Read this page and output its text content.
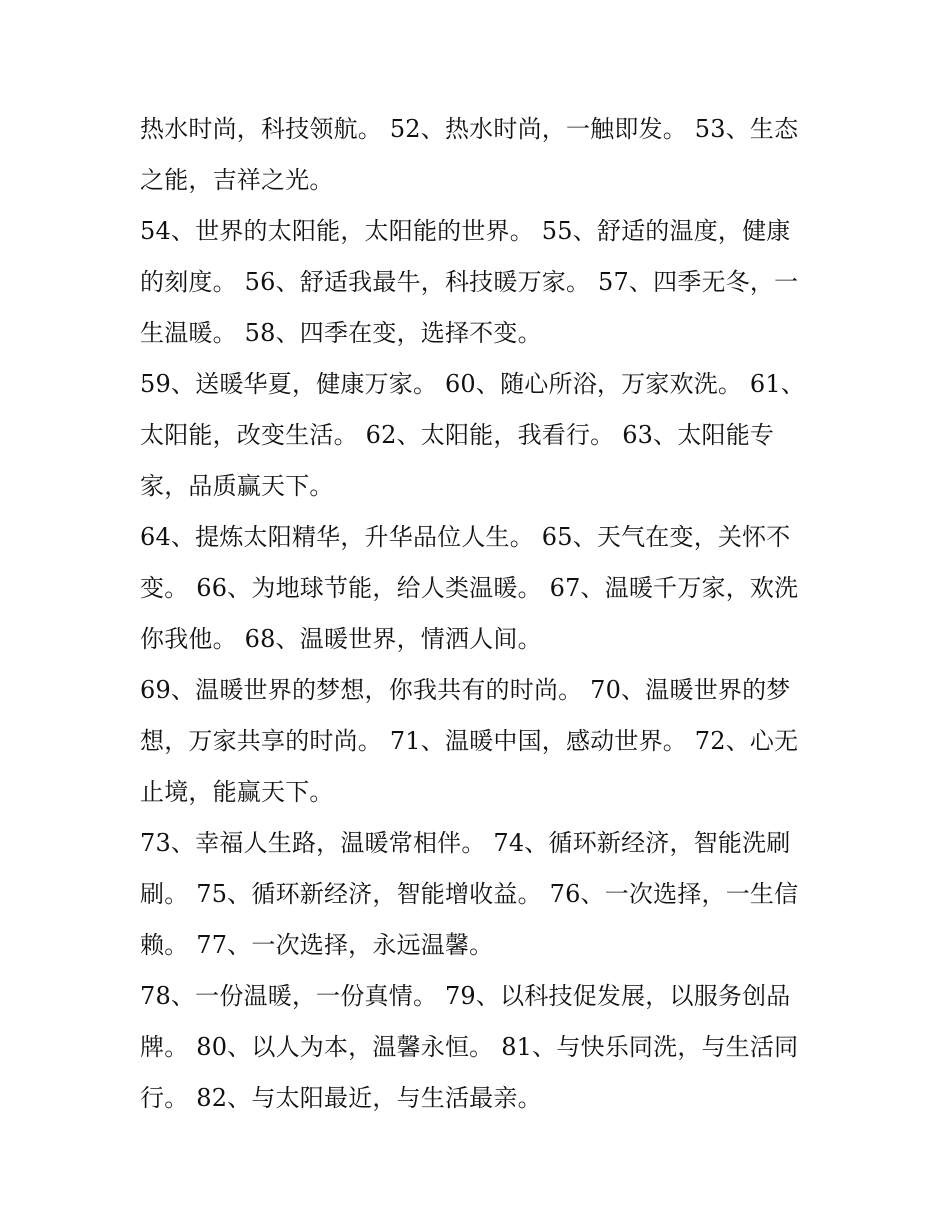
热水时尚，科技领航。 52、热水时尚，一触即发。 53、生态
之能，吉祥之光。

54、世界的太阳能，太阳能的世界。 55、舒适的温度，健康
的刻度。 56、舒适我最牛，科技暖万家。 57、四季无冬，一
生温暖。 58、四季在变，选择不变。

59、送暖华夏，健康万家。 60、随心所浴，万家欢洗。 61、
太阳能，改变生活。 62、太阳能，我看行。 63、太阳能专
家，品质赢天下。

64、提炼太阳精华，升华品位人生。 65、天气在变，关怀不
变。 66、为地球节能，给人类温暖。 67、温暖千万家，欢洗
你我他。 68、温暖世界，情洒人间。

69、温暖世界的梦想，你我共有的时尚。 70、温暖世界的梦
想，万家共享的时尚。 71、温暖中国，感动世界。 72、心无
止境，能赢天下。

73、幸福人生路，温暖常相伴。 74、循环新经济，智能洗刷
刷。 75、循环新经济，智能增收益。 76、一次选择，一生信
赖。 77、一次选择，永远温馨。

78、一份温暖，一份真情。 79、以科技促发展，以服务创品
牌。 80、以人为本，温馨永恒。 81、与快乐同洗，与生活同
行。 82、与太阳最近，与生活最亲。
